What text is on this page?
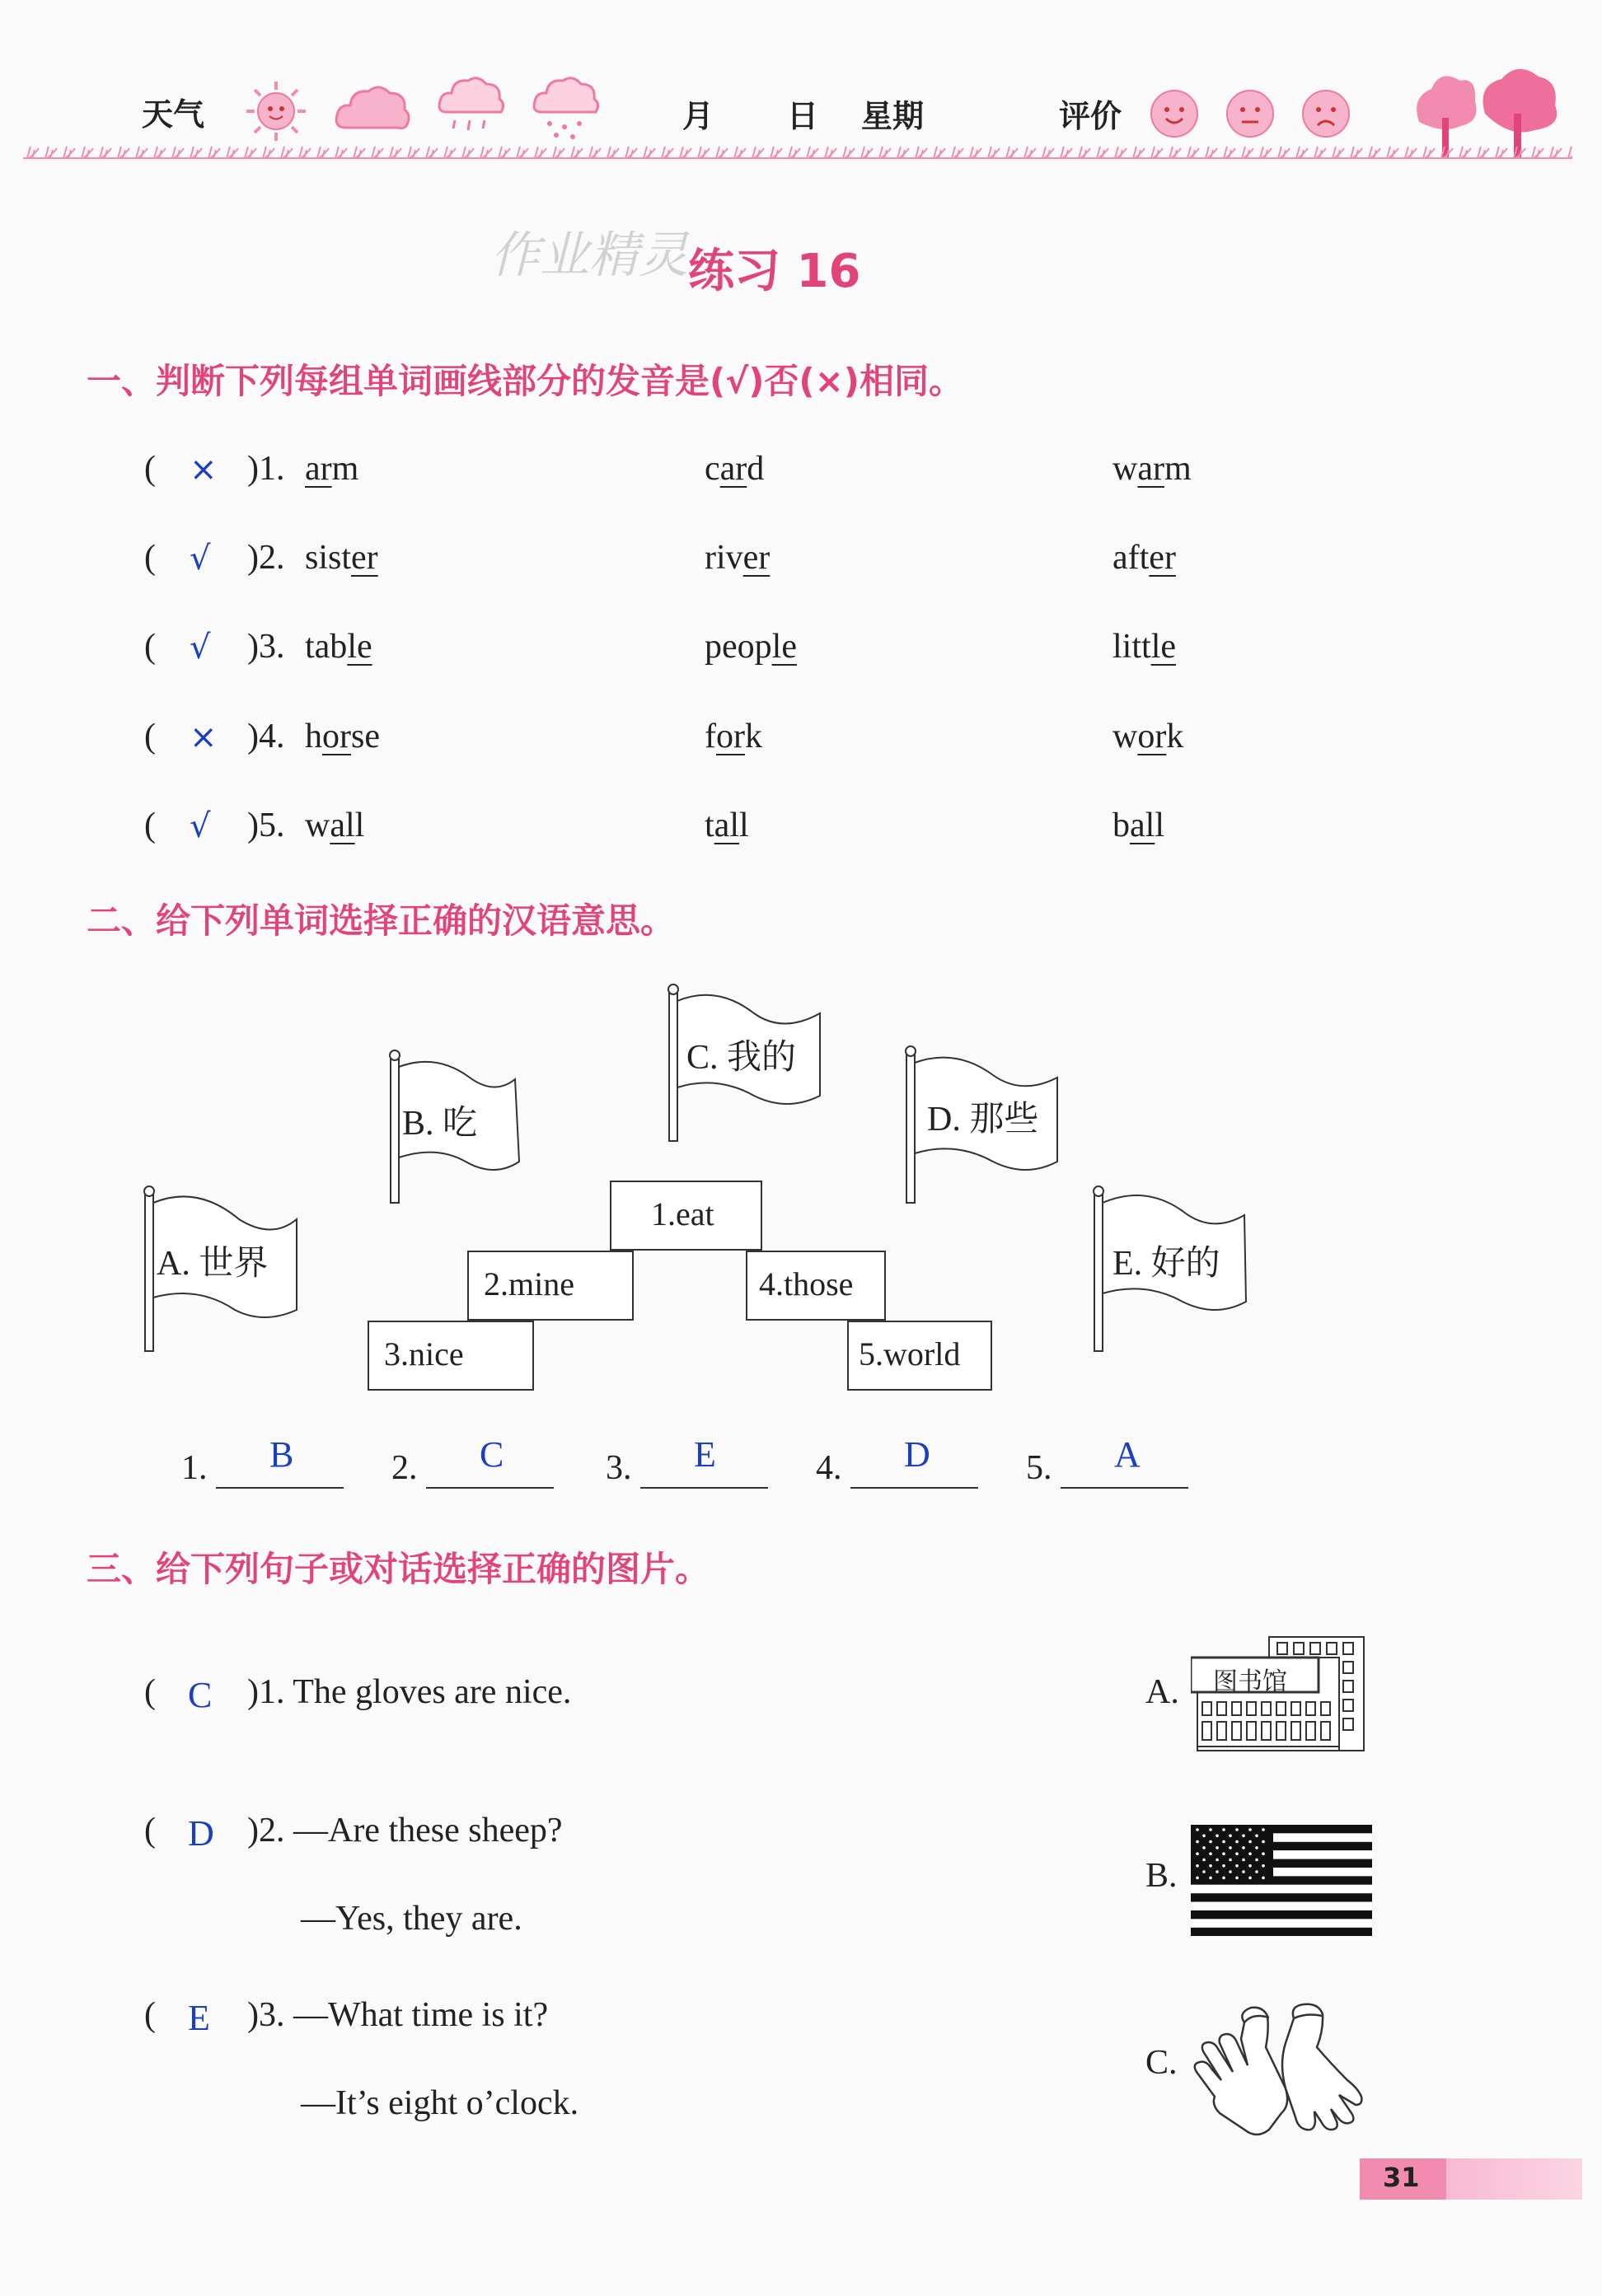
天气	月 日 星期	评价
作业精灵 练习 16
一、判断下列每组单词画线部分的发音是(√)否(×)相同。
( × )1. arm	card	warm
( √ )2. sister	river	after
( √ )3. table	people	little
( × )4. horse	fork	work
( √ )5. wall	tall	ball
二、给下列单词选择正确的汉语意思。
A. 世界
B. 吃
C. 我的
D. 那些
E. 好的
1.eat
2.mine	4.those
3.nice	5.world
1. B	2. C	3. E	4. D	5. A
三、给下列句子或对话选择正确的图片。
( C )1. The gloves are nice.
( D )2. —Are these sheep?
—Yes, they are.
( E )3. —What time is it?
—It’s eight o’clock.
A. 图书馆
B.
C.
31
